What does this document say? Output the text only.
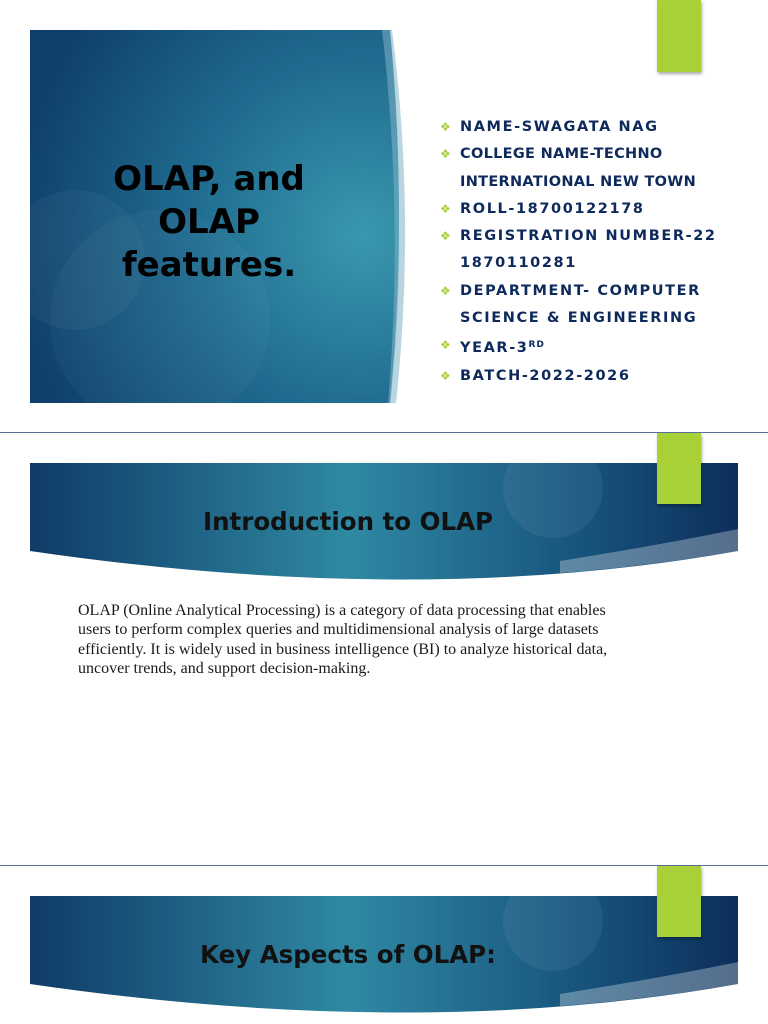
OLAP, and OLAP features.
❖ NAME-SWAGATA NAG
❖ COLLEGE NAME-TECHNO INTERNATIONAL NEW TOWN
❖ ROLL-18700122178
❖ REGISTRATION NUMBER-221870110281
❖ DEPARTMENT- COMPUTER SCIENCE & ENGINEERING
❖ YEAR-3RD
❖ BATCH-2022-2026
Introduction to OLAP
OLAP (Online Analytical Processing) is a category of data processing that enables users to perform complex queries and multidimensional analysis of large datasets efficiently. It is widely used in business intelligence (BI) to analyze historical data, uncover trends, and support decision-making.
Key Aspects of OLAP:
